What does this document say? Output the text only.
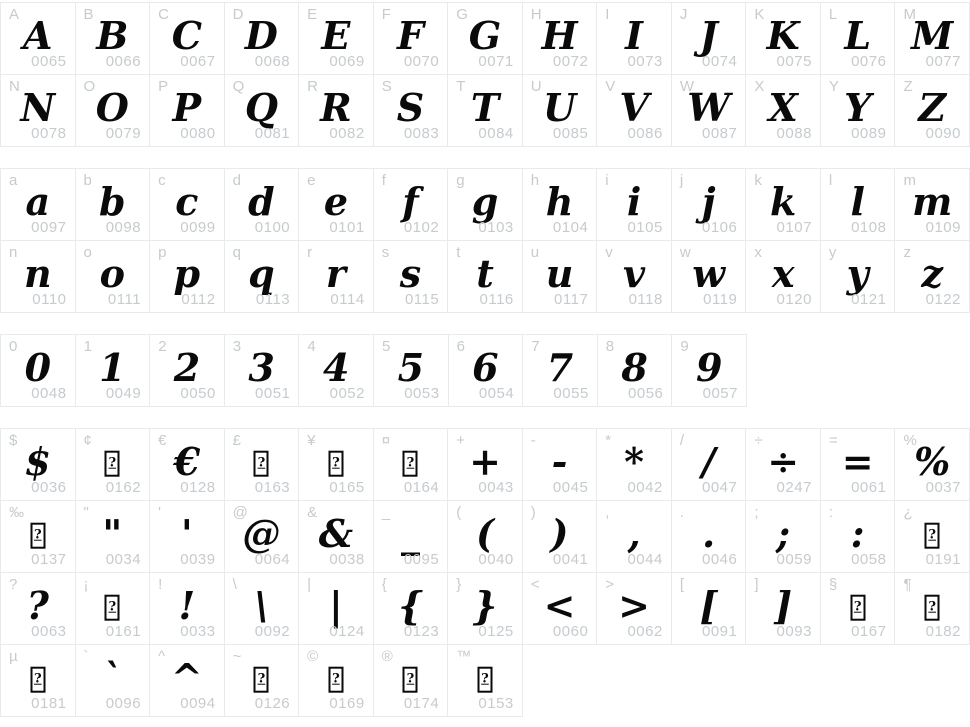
A A
0065
B B
0066
C C
0067
D D
0068
E E
0069
F F
0070
G G
0071
H H
0072
I I
0073
J J
0074
K K
0075
L L
0076
M
M
0077
N N
0078
O O
0079
P P
0080
Q Q
0081
R R
0082
S S
0083
T T
0084
U U
0085
V V
0086
W
W
0087
X X
0088
Y Y
0089
Z Z
0090
a a
0097
b b
0098
c c
0099
d d
0100
e e
0101
f f
0102
g g
0103
h h
0104
i i
0105
j j
0106
k k
0107
l l
0108
m
m
0109
n n
0110
o o
0111
p p
0112
q q
0113
r r
0114
s s
0115
t t
0116
u u
0117
v v
0118
w w
0119
x x
0120
y y
0121
z z
0122
0 0
0048
1 1
0049
2 2
0050
3 3
0051
4 4
0052
5 5
0053
6 6
0054
7 7
0055
8 8
0056
9 9
0057
$ $
0036
¢
?
0162
€ €
0128
£
?
0163
¥
?
0165
¤
?
0164
+ +
0043
- -
0045
* *
0042
/ /
0047
÷ ÷
0247
= =
0061
%
%
0037
‰
?
0137
" "
0034
' '
0039
@
@
0064
& &
0038
_ _
0095
( (
0040
) )
0041
, ,
0044
. .
0046
; ;
0059
: :
0058
¿
?
0191
? ?
0063
¡
?
0161
! !
0033
\ \
0092
| |
0124
{ {
0123
} }
0125
< <
0060
> >
0062
[ [
0091
] ]
0093
§
?
0167
¶
?
0182
µ
?
0181
` `
0096
^ ^
0094
~
?
0126
©
?
0169
®
?
0174
™
?
0153
